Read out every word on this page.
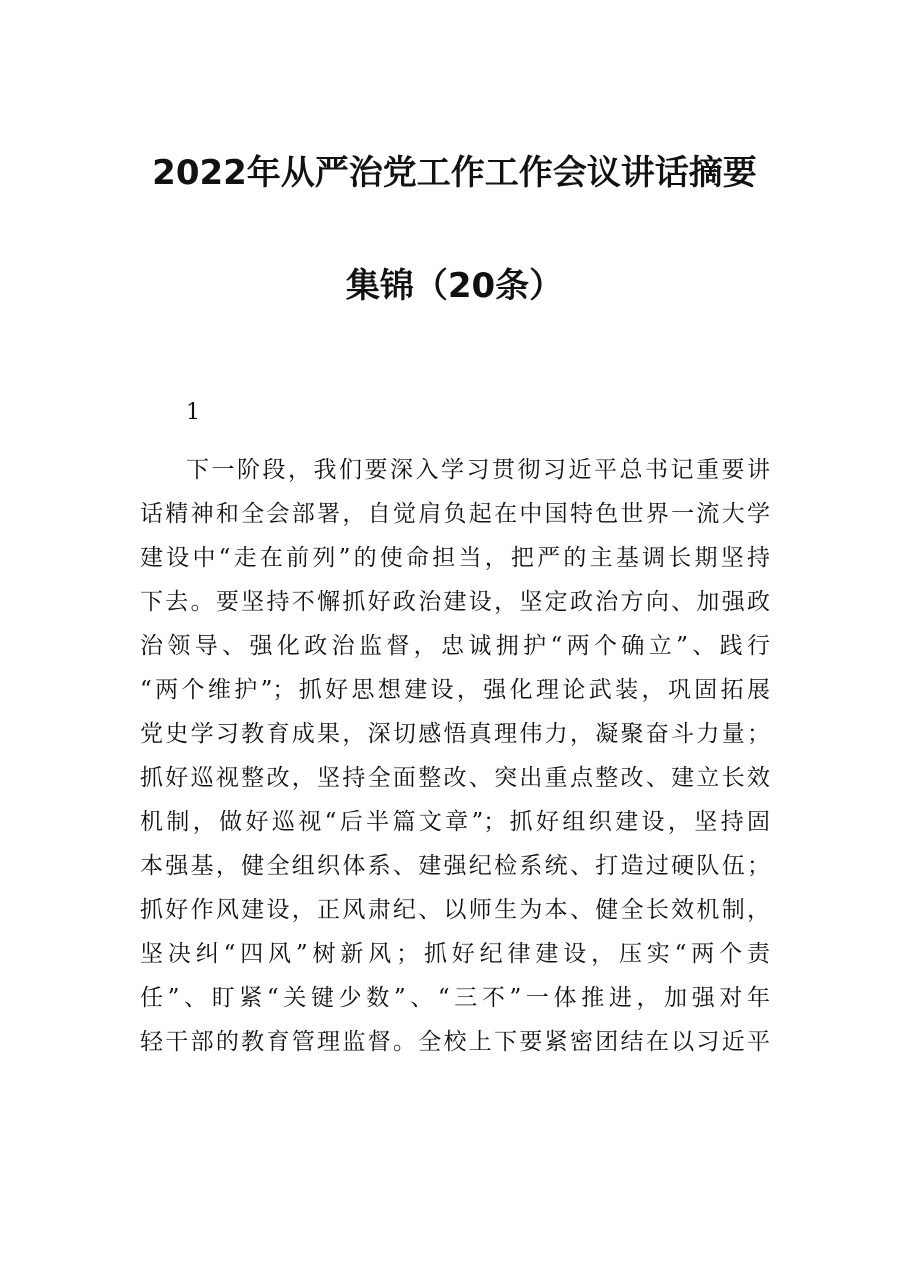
2022年从严治党工作工作会议讲话摘要
集锦（20条）
1
下一阶段，我们要深入学习贯彻习近平总书记重要讲
话精神和全会部署，自觉肩负起在中国特色世界一流大学
建设中“走在前列”的使命担当，把严的主基调长期坚持
下去。要坚持不懈抓好政治建设，坚定政治方向、加强政
治领导、强化政治监督，忠诚拥护“两个确立”、践行
“两个维护”；抓好思想建设，强化理论武装，巩固拓展
党史学习教育成果，深切感悟真理伟力，凝聚奋斗力量；
抓好巡视整改，坚持全面整改、突出重点整改、建立长效
机制，做好巡视“后半篇文章”；抓好组织建设，坚持固
本强基，健全组织体系、建强纪检系统、打造过硬队伍；
抓好作风建设，正风肃纪、以师生为本、健全长效机制，
坚决纠“四风”树新风；抓好纪律建设，压实“两个责
任”、盯紧“关键少数”、“三不”一体推进，加强对年
轻干部的教育管理监督。全校上下要紧密团结在以习近平
